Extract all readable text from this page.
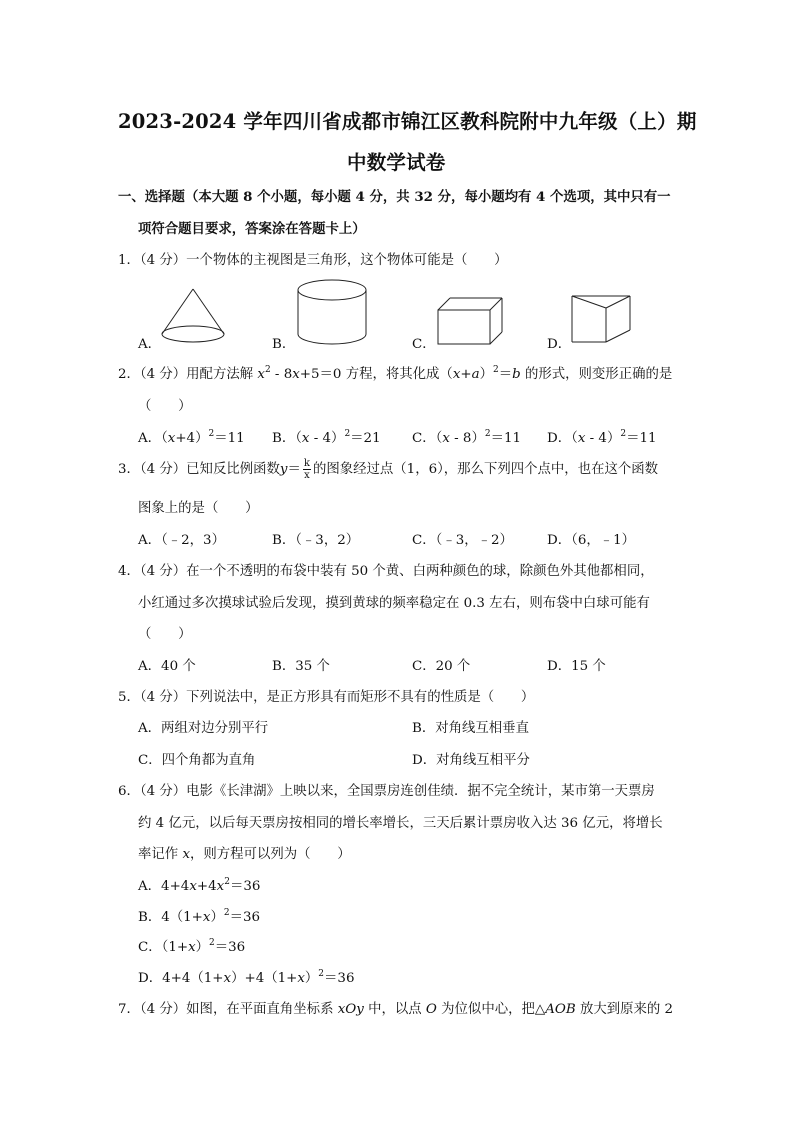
2023-2024 学年四川省成都市锦江区教科院附中九年级（上）期
中数学试卷
一、选择题（本大题 8 个小题，每小题 4 分，共 32 分，每小题均有 4 个选项，其中只有一
项符合题目要求，答案涂在答题卡上）
1．（4 分）一个物体的主视图是三角形，这个物体可能是（　　）
A．	B．	C．	D．
2．（4 分）用配方法解 $x^2 - 8x+5=0$ 方程，将其化成$(x+a)^2=b$ 的形式，则变形正确的是
（　　）
A．$(x+4)^2=11$ B．（x - 4）$^2$＝21 C．（x - 8）$^2$＝11 D．（x - 4）$^2$＝11
3．（4 分）已知反比例函数$y= \frac{k}{x}$ 的图象经过点（1，6），那么下列四个点中，也在这个函数
图象上的是（　　）
A．（﹣2，3）	B．（﹣3，2）	C．（﹣3，﹣2）	D．（6，﹣1）
4．（4 分）在一个不透明的布袋中装有 50 个黄、白两种颜色的球，除颜色外其他都相同，
小红通过多次摸球试验后发现，摸到黄球的频率稳定在 0.3 左右，则布袋中白球可能有
（　　）
A．40 个	B．35 个	C．20 个	D．15 个
5．（4 分）下列说法中，是正方形具有而矩形不具有的性质是（　　）
A．两组对边分别平行	B．对角线互相垂直
C．四个角都为直角	D．对角线互相平分
6．（4 分）电影《长津湖》上映以来，全国票房连创佳绩．据不完全统计，某市第一天票房
约 4 亿元，以后每天票房按相同的增长率增长，三天后累计票房收入达 36 亿元，将增长
率记作 x，则方程可以列为（　　）
A．$4+4x+4x^2=36$
B．$4(1+x)^2=36$
C．$(1+x)^2=36$
D．$4+4(1+x)+4(1+x)^2=36$
7．（4 分）如图，在平面直角坐标系 xOy 中，以点 O 为位似中心，把△AOB 放大到原来的 2
